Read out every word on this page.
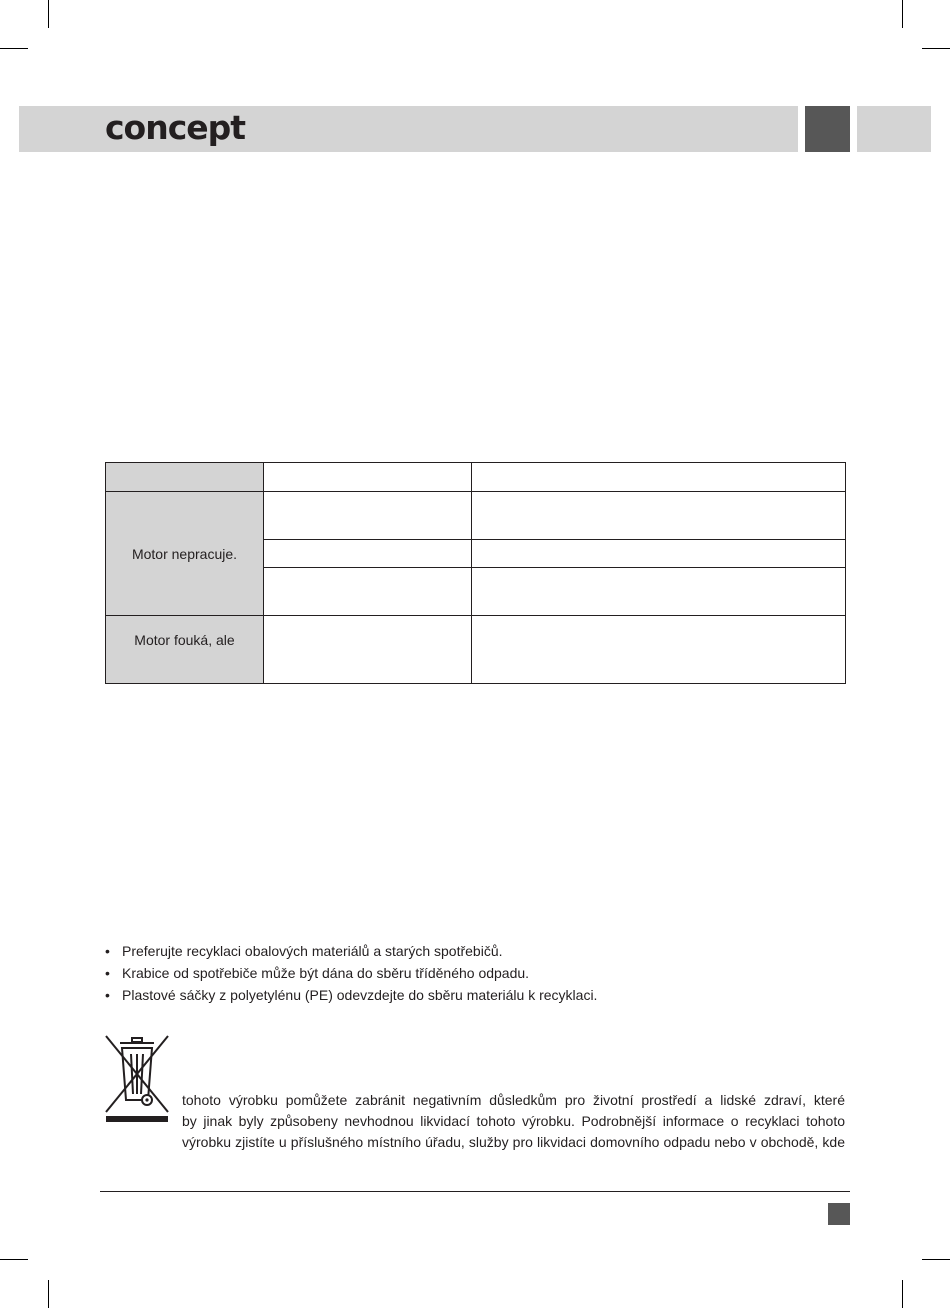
concept

Motor nepracuje.		

Motor fouká, ale		
• Preferujte recyklaci obalových materiálů a starých spotřebičů.
• Krabice od spotřebiče může být dána do sběru tříděného odpadu.
• Plastové sáčky z polyetylénu (PE) odevzdejte do sběru materiálu k recyklaci.
tohoto výrobku pomůžete zabránit negativním důsledkům pro životní prostředí a lidské zdraví, které
by jinak byly způsobeny nevhodnou likvidací tohoto výrobku. Podrobnější informace o recyklaci tohoto
výrobku zjistíte u příslušného místního úřadu, služby pro likvidaci domovního odpadu nebo v obchodě, kde
